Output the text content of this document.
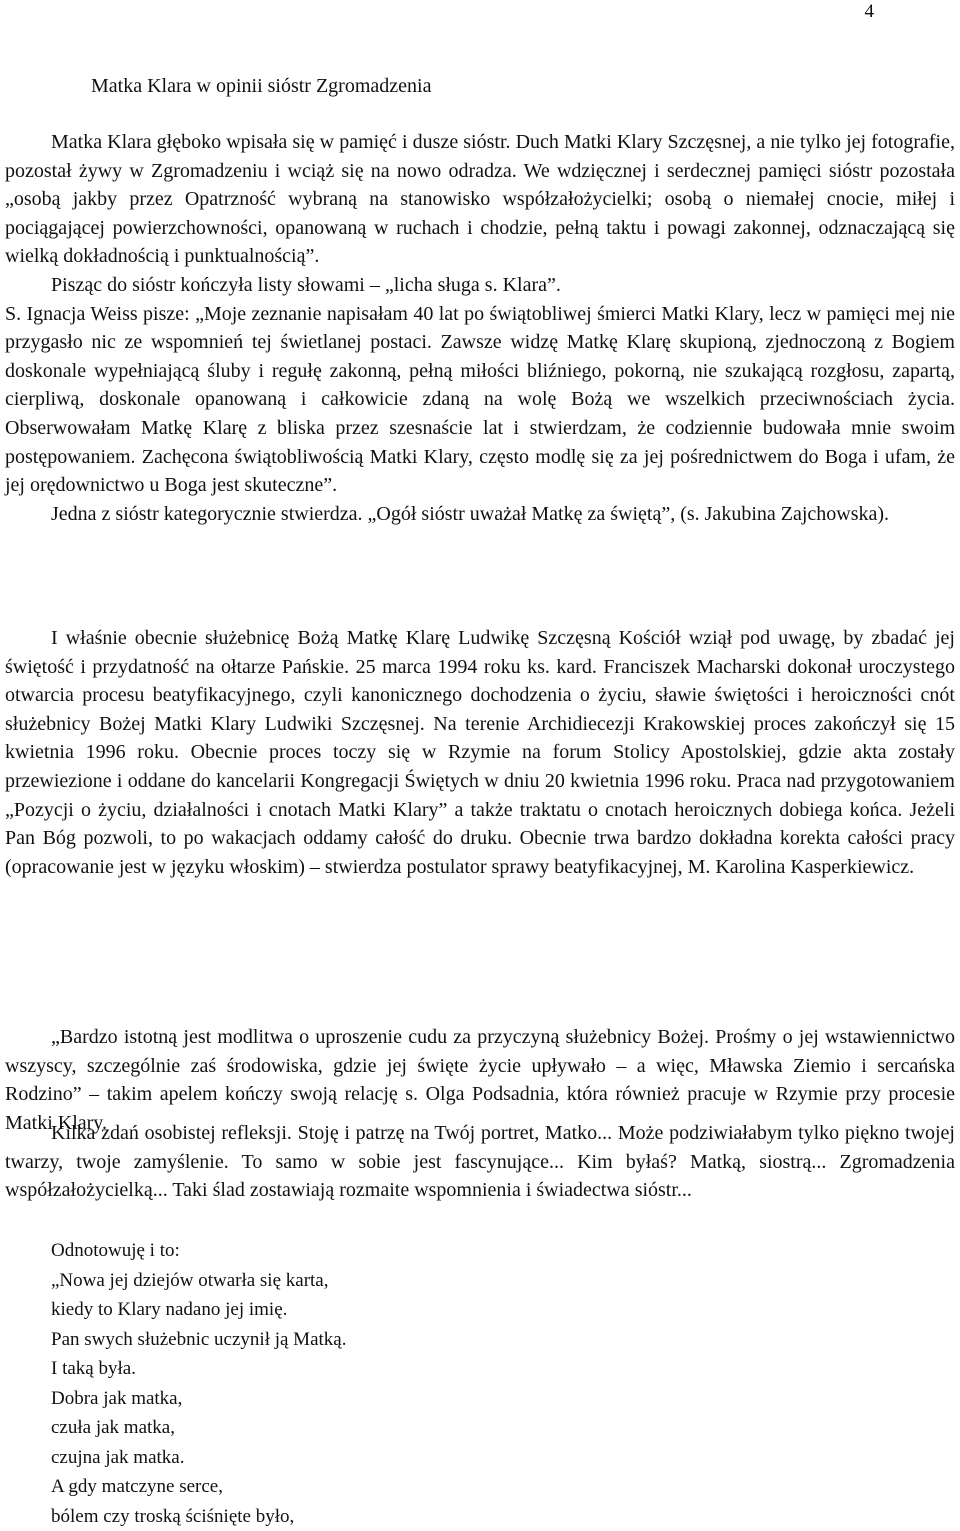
4
Matka Klara w opinii sióstr Zgromadzenia

Matka Klara głęboko wpisała się w pamięć i dusze sióstr. Duch Matki Klary Szczęsnej, a nie tylko jej fotografie, pozostał żywy w Zgromadzeniu i wciąż się na nowo odradza. We wdzięcznej i serdecznej pamięci sióstr pozostała „osobą jakby przez Opatrzność wybraną na stanowisko współzałożycielki; osobą o niemałej cnocie, miłej i pociągającej powierzchowności, opanowaną w ruchach i chodzie, pełną taktu i powagi zakonnej, odznaczającą się wielką dokładnością i punktualnością”.

Pisząc do sióstr kończyła listy słowami – „licha sługa s. Klara”.

S. Ignacja Weiss pisze: „Moje zeznanie napisałam 40 lat po świątobliwej śmierci Matki Klary, lecz w pamięci mej nie przygasło nic ze wspomnień tej świetlanej postaci. Zawsze widzę Matkę Klarę skupioną, zjednoczoną z Bogiem doskonale wypełniającą śluby i regułę zakonną, pełną miłości bliźniego, pokorną, nie szukającą rozgłosu, zapartą, cierpliwą, doskonale opanowaną i całkowicie zdaną na wolę Bożą we wszelkich przeciwnościach życia. Obserwowałam Matkę Klarę z bliska przez szesnaście lat i stwierdzam, że codziennie budowała mnie swoim postępowaniem. Zachęcona świątobliwością Matki Klary, często modlę się za jej pośrednictwem do Boga i ufam, że jej orędownictwo u Boga jest skuteczne”.

Jedna z sióstr kategorycznie stwierdza. „Ogół sióstr uważał Matkę za świętą”, (s. Jakubina Zajchowska).

I właśnie obecnie służebnicę Bożą Matkę Klarę Ludwikę Szczęsną Kościół wziął pod uwagę, by zbadać jej świętość i przydatność na ołtarze Pańskie. 25 marca 1994 roku ks. kard. Franciszek Macharski dokonał uroczystego otwarcia procesu beatyfikacyjnego, czyli kanonicznego dochodzenia o życiu, sławie świętości i heroiczności cnót służebnicy Bożej Matki Klary Ludwiki Szczęsnej. Na terenie Archidiecezji Krakowskiej proces zakończył się 15 kwietnia 1996 roku. Obecnie proces toczy się w Rzymie na forum Stolicy Apostolskiej, gdzie akta zostały przewiezione i oddane do kancelarii Kongregacji Świętych w dniu 20 kwietnia 1996 roku. Praca nad przygotowaniem „Pozycji o życiu, działalności i cnotach Matki Klary” a także traktatu o cnotach heroicznych dobiega końca. Jeżeli Pan Bóg pozwoli, to po wakacjach oddamy całość do druku. Obecnie trwa bardzo dokładna korekta całości pracy (opracowanie jest w języku włoskim) – stwierdza postulator sprawy beatyfikacyjnej, M. Karolina Kasperkiewicz.

„Bardzo istotną jest modlitwa o uproszenie cudu za przyczyną służebnicy Bożej. Prośmy o jej wstawiennictwo wszyscy, szczególnie zaś środowiska, gdzie jej święte życie upływało – a więc, Mławska Ziemio i sercańska Rodzino” – takim apelem kończy swoją relację s. Olga Podsadnia, która również pracuje w Rzymie przy procesie Matki Klary.

Kilka zdań osobistej refleksji. Stoję i patrzę na Twój portret, Matko... Może podziwiałabym tylko piękno twojej twarzy, twoje zamyślenie. To samo w sobie jest fascynujące... Kim byłaś? Matką, siostrą... Zgromadzenia współzałożycielką... Taki ślad zostawiają rozmaite wspomnienia i świadectwa sióstr...

Odnotowuję i to:
„Nowa jej dziejów otwarła się karta,
kiedy to Klary nadano jej imię.
Pan swych służebnic uczynił ją Matką.
I taką była.
Dobra jak matka,
czuła jak matka,
czujna jak matka.
A gdy matczyne serce,
bólem czy troską ściśnięte było,
